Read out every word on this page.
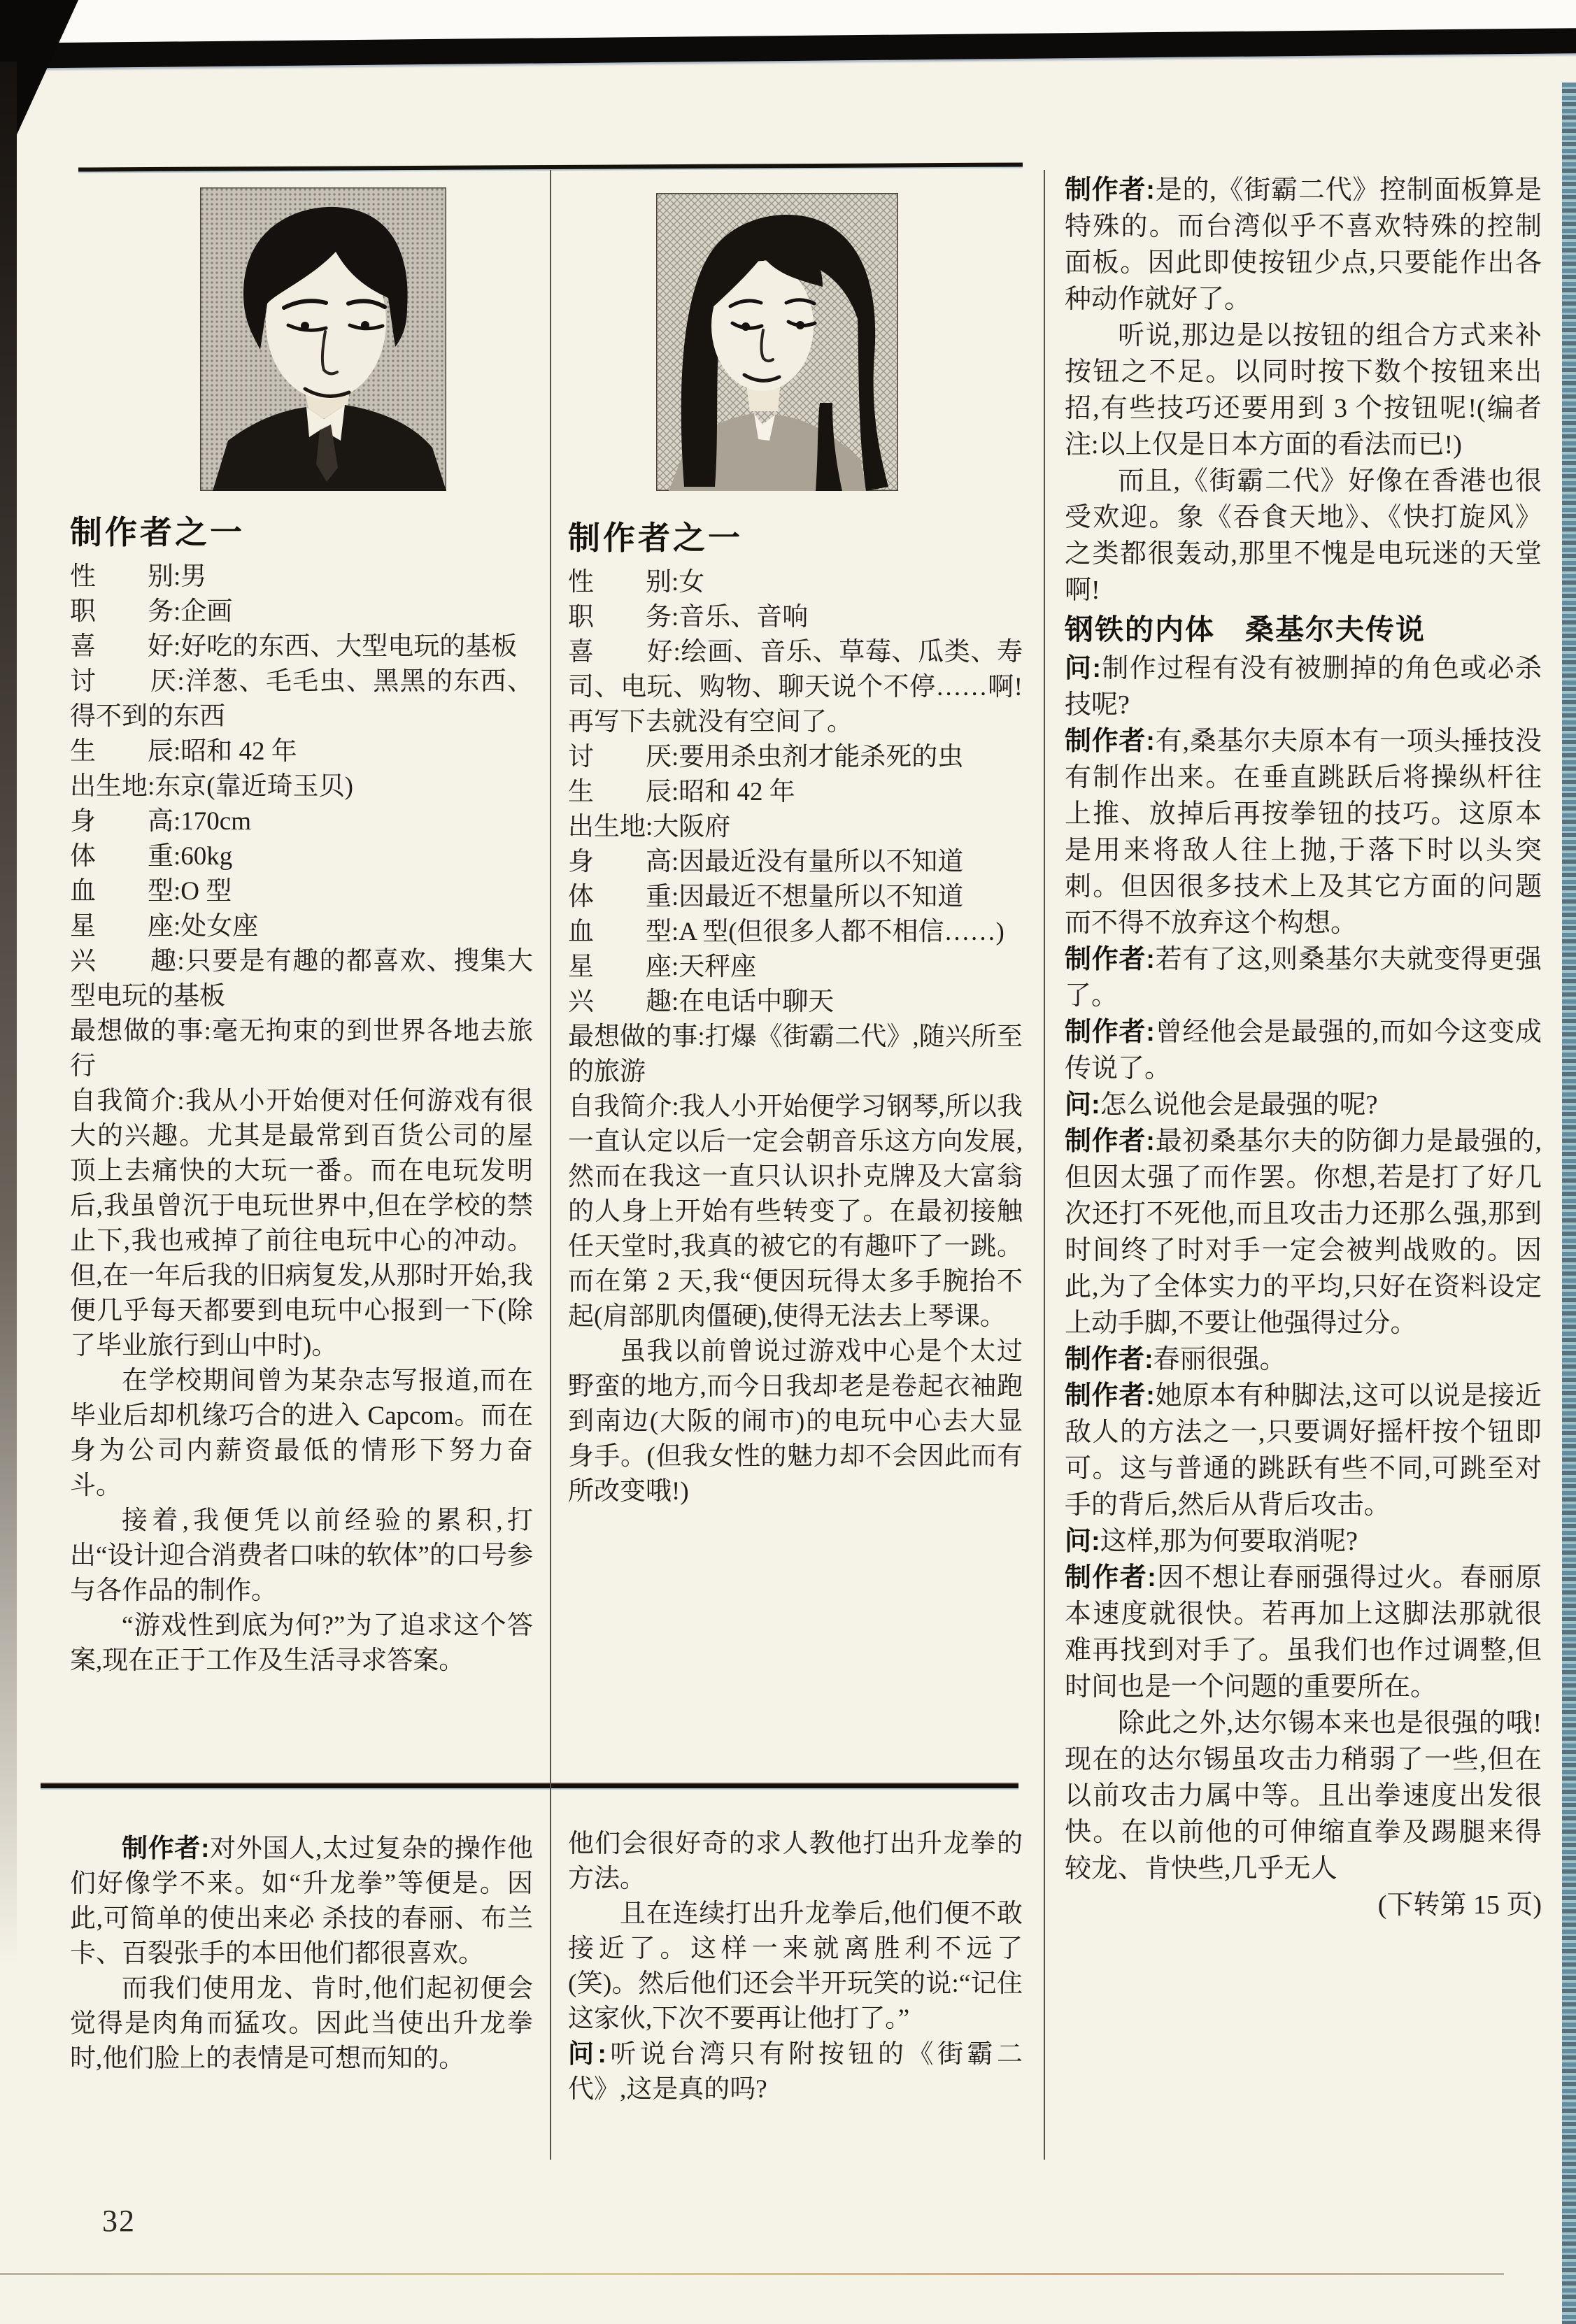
制作者之一
性　　别:男
职　　务:企画
喜　　好:好吃的东西、大型电玩的基板
讨　　厌:洋葱、毛毛虫、黑黑的东西、得不到的东西
生　　辰:昭和 42 年
出生地:东京(靠近琦玉贝)
身　　高:170cm
体　　重:60kg
血　　型:O 型
星　　座:处女座
兴　　趣:只要是有趣的都喜欢、搜集大型电玩的基板
最想做的事:毫无拘束的到世界各地去旅行
自我简介:我从小开始便对任何游戏有很大的兴趣。尤其是最常到百货公司的屋顶上去痛快的大玩一番。而在电玩发明后,我虽曾沉于电玩世界中,但在学校的禁止下,我也戒掉了前往电玩中心的冲动。但,在一年后我的旧病复发,从那时开始,我便几乎每天都要到电玩中心报到一下(除了毕业旅行到山中时)。

在学校期间曾为某杂志写报道,而在毕业后却机缘巧合的进入 Capcom。而在身为公司内薪资最低的情形下努力奋斗。

接着,我便凭以前经验的累积,打出“设计迎合消费者口味的软体”的口号参与各作品的制作。

“游戏性到底为何?”为了追求这个答案,现在正于工作及生活寻求答案。

制作者之一
性　　别:女
职　　务:音乐、音响
喜　　好:绘画、音乐、草莓、瓜类、寿司、电玩、购物、聊天说个不停……啊!再写下去就没有空间了。
讨　　厌:要用杀虫剂才能杀死的虫
生　　辰:昭和 42 年
出生地:大阪府
身　　高:因最近没有量所以不知道
体　　重:因最近不想量所以不知道
血　　型:A 型(但很多人都不相信……)
星　　座:天秤座
兴　　趣:在电话中聊天
最想做的事:打爆《街霸二代》,随兴所至的旅游
自我简介:我人小开始便学习钢琴,所以我一直认定以后一定会朝音乐这方向发展,然而在我这一直只认识扑克牌及大富翁的人身上开始有些转变了。在最初接触任天堂时,我真的被它的有趣吓了一跳。而在第 2 天,我“便因玩得太多手腕抬不起(肩部肌肉僵硬),使得无法去上琴课。

虽我以前曾说过游戏中心是个太过野蛮的地方,而今日我却老是卷起衣袖跑到南边(大阪的闹市)的电玩中心去大显身手。(但我女性的魅力却不会因此而有所改变哦!)

制作者:对外国人,太过复杂的操作他们好像学不来。如“升龙拳”等便是。因此,可简单的使出来必 杀技的春丽、布兰卡、百裂张手的本田他们都很喜欢。

而我们使用龙、肯时,他们起初便会觉得是肉角而猛攻。因此当使出升龙拳时,他们脸上的表情是可想而知的。

他们会很好奇的求人教他打出升龙拳的方法。

且在连续打出升龙拳后,他们便不敢接近了。这样一来就离胜利不远了(笑)。然后他们还会半开玩笑的说:“记住这家伙,下次不要再让他打了。”

问:听说台湾只有附按钮的《街霸二代》,这是真的吗?

制作者:是的,《街霸二代》控制面板算是特殊的。而台湾似乎不喜欢特殊的控制面板。因此即使按钮少点,只要能作出各种动作就好了。

听说,那边是以按钮的组合方式来补按钮之不足。以同时按下数个按钮来出招,有些技巧还要用到 3 个按钮呢!(编者注:以上仅是日本方面的看法而已!)

而且,《街霸二代》好像在香港也很受欢迎。象《吞食天地》、《快打旋风》之类都很轰动,那里不愧是电玩迷的天堂啊!

钢铁的内体　桑基尔夫传说

问:制作过程有没有被删掉的角色或必杀技呢?

制作者:有,桑基尔夫原本有一项头捶技没有制作出来。在垂直跳跃后将操纵杆往上推、放掉后再按拳钮的技巧。这原本是用来将敌人往上抛,于落下时以头突刺。但因很多技术上及其它方面的问题而不得不放弃这个构想。

制作者:若有了这,则桑基尔夫就变得更强了。

制作者:曾经他会是最强的,而如今这变成传说了。

问:怎么说他会是最强的呢?

制作者:最初桑基尔夫的防御力是最强的,但因太强了而作罢。你想,若是打了好几次还打不死他,而且攻击力还那么强,那到时间终了时对手一定会被判战败的。因此,为了全体实力的平均,只好在资料设定上动手脚,不要让他强得过分。

制作者:春丽很强。

制作者:她原本有种脚法,这可以说是接近敌人的方法之一,只要调好摇杆按个钮即可。这与普通的跳跃有些不同,可跳至对手的背后,然后从背后攻击。

问:这样,那为何要取消呢?

制作者:因不想让春丽强得过火。春丽原本速度就很快。若再加上这脚法那就很难再找到对手了。虽我们也作过调整,但时间也是一个问题的重要所在。

除此之外,达尔锡本来也是很强的哦! 现在的达尔锡虽攻击力稍弱了一些,但在以前攻击力属中等。且出拳速度出发很快。在以前他的可伸缩直拳及踢腿来得较龙、肯快些,几乎无人

(下转第 15 页)

32
